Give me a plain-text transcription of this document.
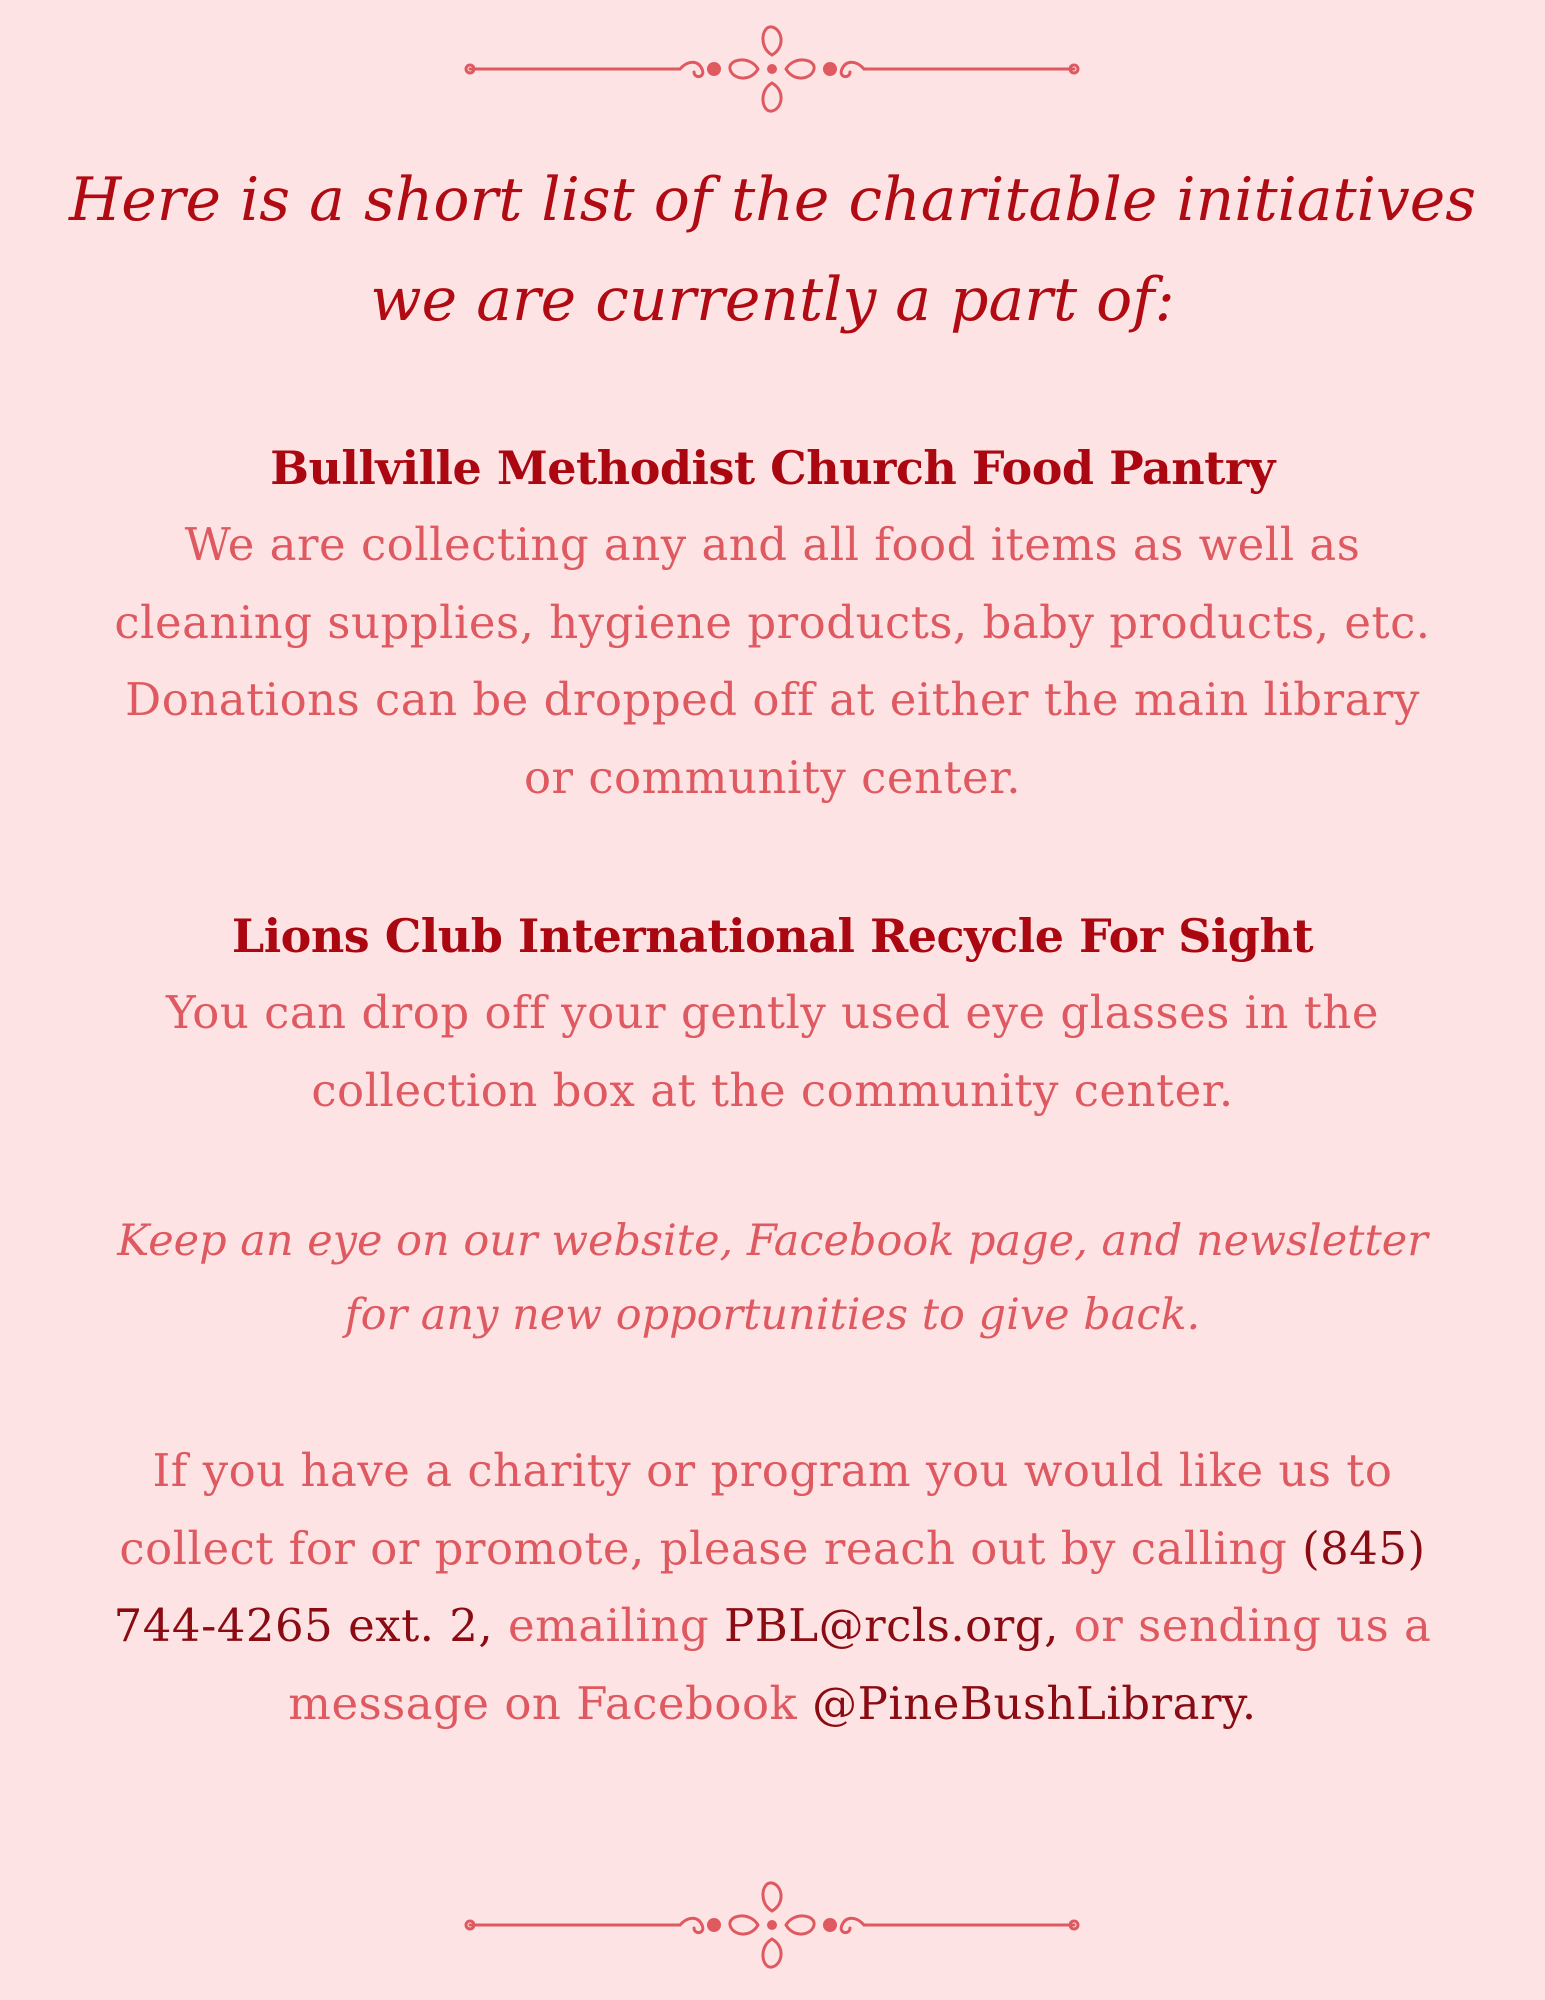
Here is a short list of the charitable initiatives we are currently a part of:
Bullville Methodist Church Food Pantry

We are collecting any and all food items as well as cleaning supplies, hygiene products, baby products, etc. Donations can be dropped off at either the main library or community center.

Lions Club International Recycle For Sight

You can drop off your gently used eye glasses in the collection box at the community center.

Keep an eye on our website, Facebook page, and newsletter for any new opportunities to give back.

If you have a charity or program you would like us to collect for or promote, please reach out by calling (845) 744-4265 ext. 2, emailing PBL@rcls.org, or sending us a message on Facebook @PineBushLibrary.
